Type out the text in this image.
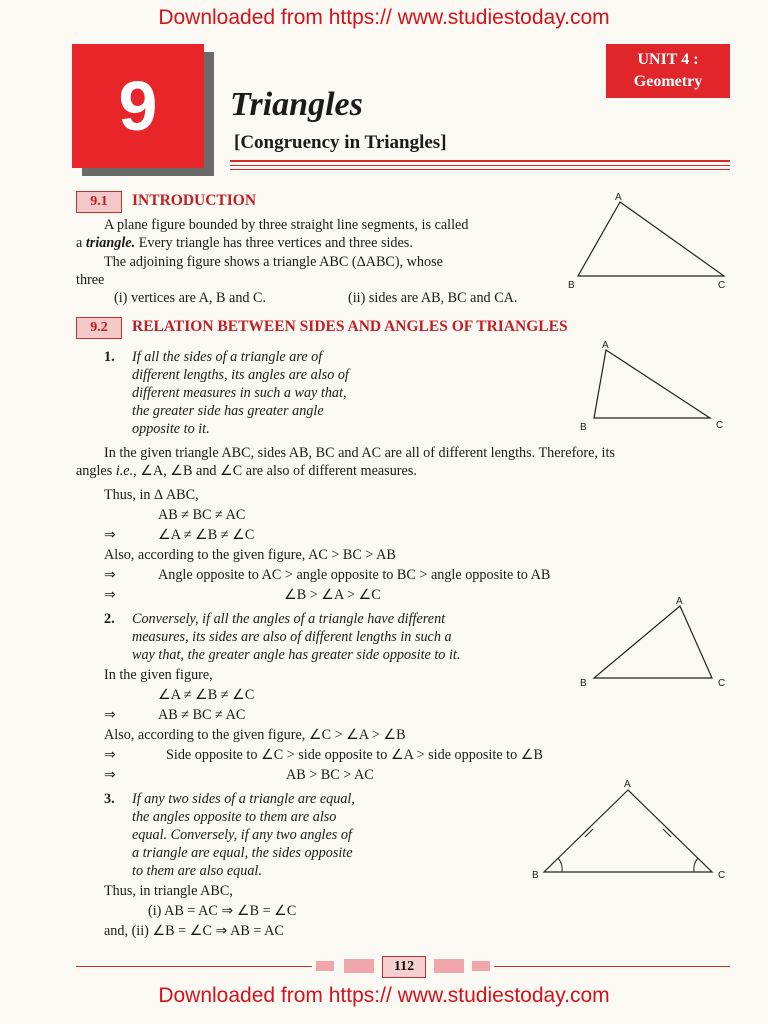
Downloaded from https:// www.studiestoday.com
Downloaded from https:// www.studiestoday.com
9
UNIT 4 :
Geometry
Triangles
[Congruency in Triangles]
9.1	INTRODUCTION
A plane figure bounded by three straight line segments, is called
a triangle. Every triangle has three vertices and three sides.
The adjoining figure shows a triangle ABC (ΔABC), whose
three
(i) vertices are A, B and C.	(ii) sides are AB, BC and CA.
A
B	C
9.2	RELATION BETWEEN SIDES AND ANGLES OF TRIANGLES
1. If all the sides of a triangle are of
different lengths, its angles are also of
different measures in such a way that,
the greater side has greater angle
opposite to it.
A
B	C
In the given triangle ABC, sides AB, BC and AC are all of different lengths. Therefore, its
angles i.e., ∠A, ∠B and ∠C are also of different measures.
Thus, in Δ ABC,
AB ≠ BC ≠ AC
⇒	∠A ≠ ∠B ≠ ∠C
Also, according to the given figure, AC > BC > AB
⇒	Angle opposite to AC > angle opposite to BC > angle opposite to AB
⇒	∠B > ∠A > ∠C
2. Conversely, if all the angles of a triangle have different
measures, its sides are also of different lengths in such a
way that, the greater angle has greater side opposite to it.
A
B	C
In the given figure,
∠A ≠ ∠B ≠ ∠C
⇒	AB ≠ BC ≠ AC
Also, according to the given figure, ∠C > ∠A > ∠B
⇒	Side opposite to ∠C > side opposite to ∠A > side opposite to ∠B
⇒	AB > BC > AC
3. If any two sides of a triangle are equal,
the angles opposite to them are also
equal. Conversely, if any two angles of
a triangle are equal, the sides opposite
to them are also equal.
A
B	C
Thus, in triangle ABC,
(i) AB = AC ⇒ ∠B = ∠C
and, (ii) ∠B = ∠C ⇒ AB = AC
112
